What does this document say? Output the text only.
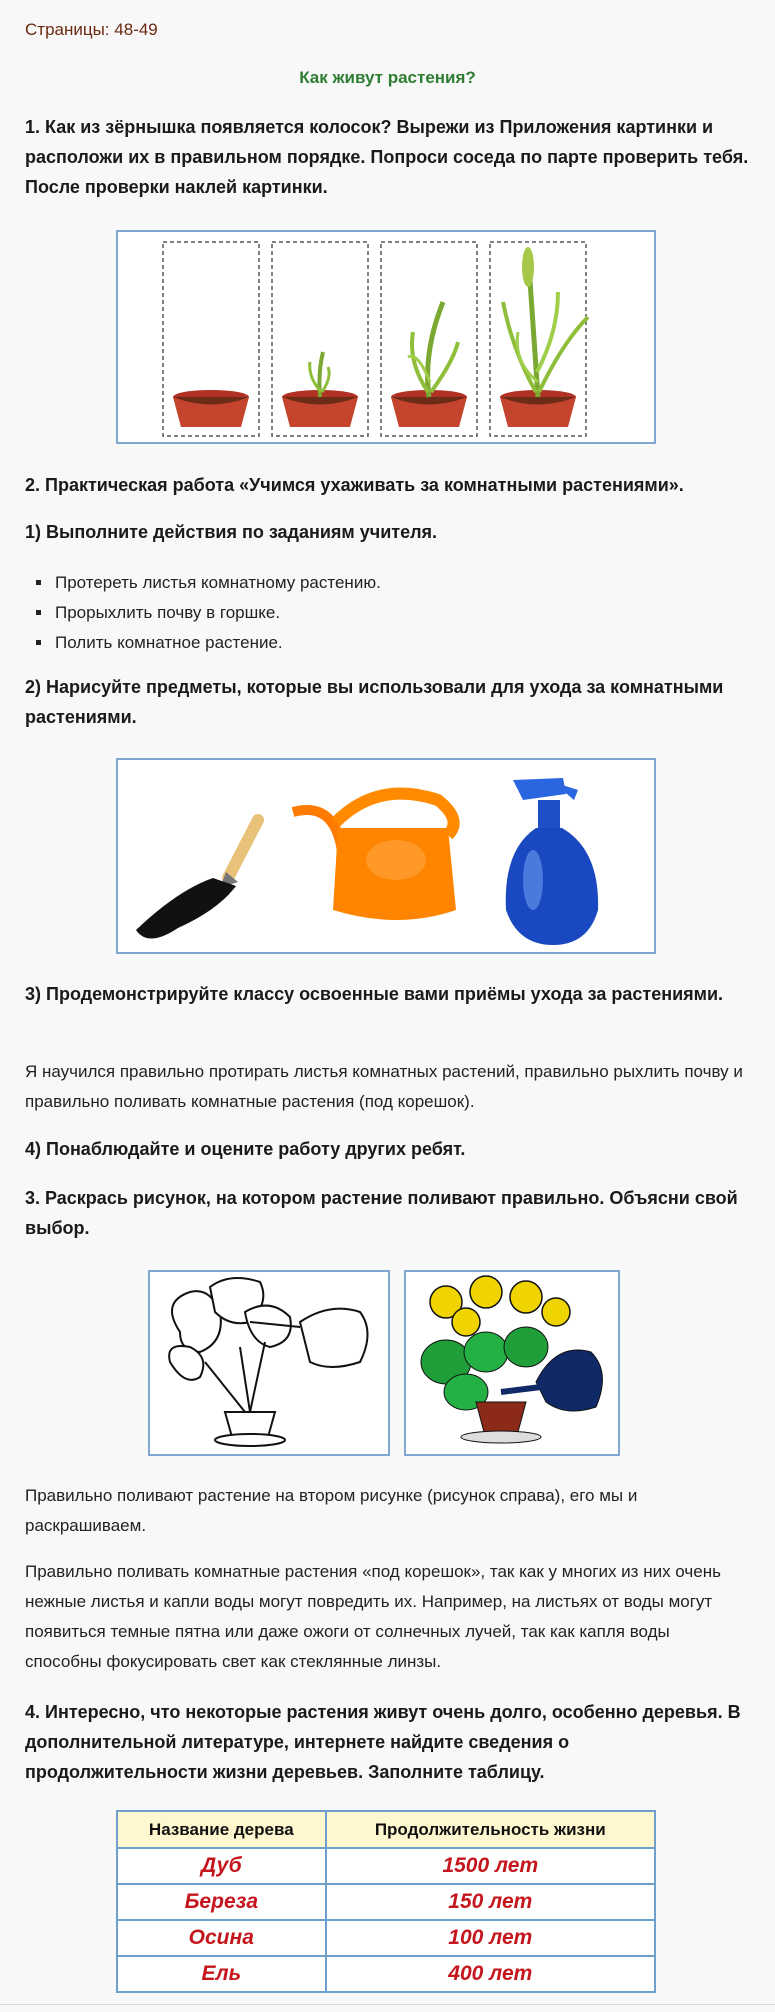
Страницы: 48-49
Как живут растения?
1. Как из зёрнышка появляется колосок? Вырежи из Приложения картинки и расположи их в правильном порядке. Попроси соседа по парте проверить тебя. После проверки наклей картинки.
2. Практическая работа «Учимся ухаживать за комнатными растениями».
1) Выполните действия по заданиям учителя.
▪ Протереть листья комнатному растению.
▪ Прорыхлить почву в горшке.
▪ Полить комнатное растение.
2) Нарисуйте предметы, которые вы использовали для ухода за комнатными растениями.
3) Продемонстрируйте классу освоенные вами приёмы ухода за растениями.
Я научился правильно протирать листья комнатных растений, правильно рыхлить почву и правильно поливать комнатные растения (под корешок).
4) Понаблюдайте и оцените работу других ребят.
3. Раскрась рисунок, на котором растение поливают правильно. Объясни свой выбор.
Правильно поливают растение на втором рисунке (рисунок справа), его мы и раскрашиваем.
Правильно поливать комнатные растения «под корешок», так как у многих из них очень нежные листья и капли воды могут повредить их. Например, на листьях от воды могут появиться темные пятна или даже ожоги от солнечных лучей, так как капля воды способны фокусировать свет как стеклянные линзы.
4. Интересно, что некоторые растения живут очень долго, особенно деревья. В дополнительной литературе, интернете найдите сведения о продолжительности жизни деревьев. Заполните таблицу.
Название дерева	Продолжительность жизни
Дуб	1500 лет
Береза	150 лет
Осина	100 лет
Ель	400 лет
